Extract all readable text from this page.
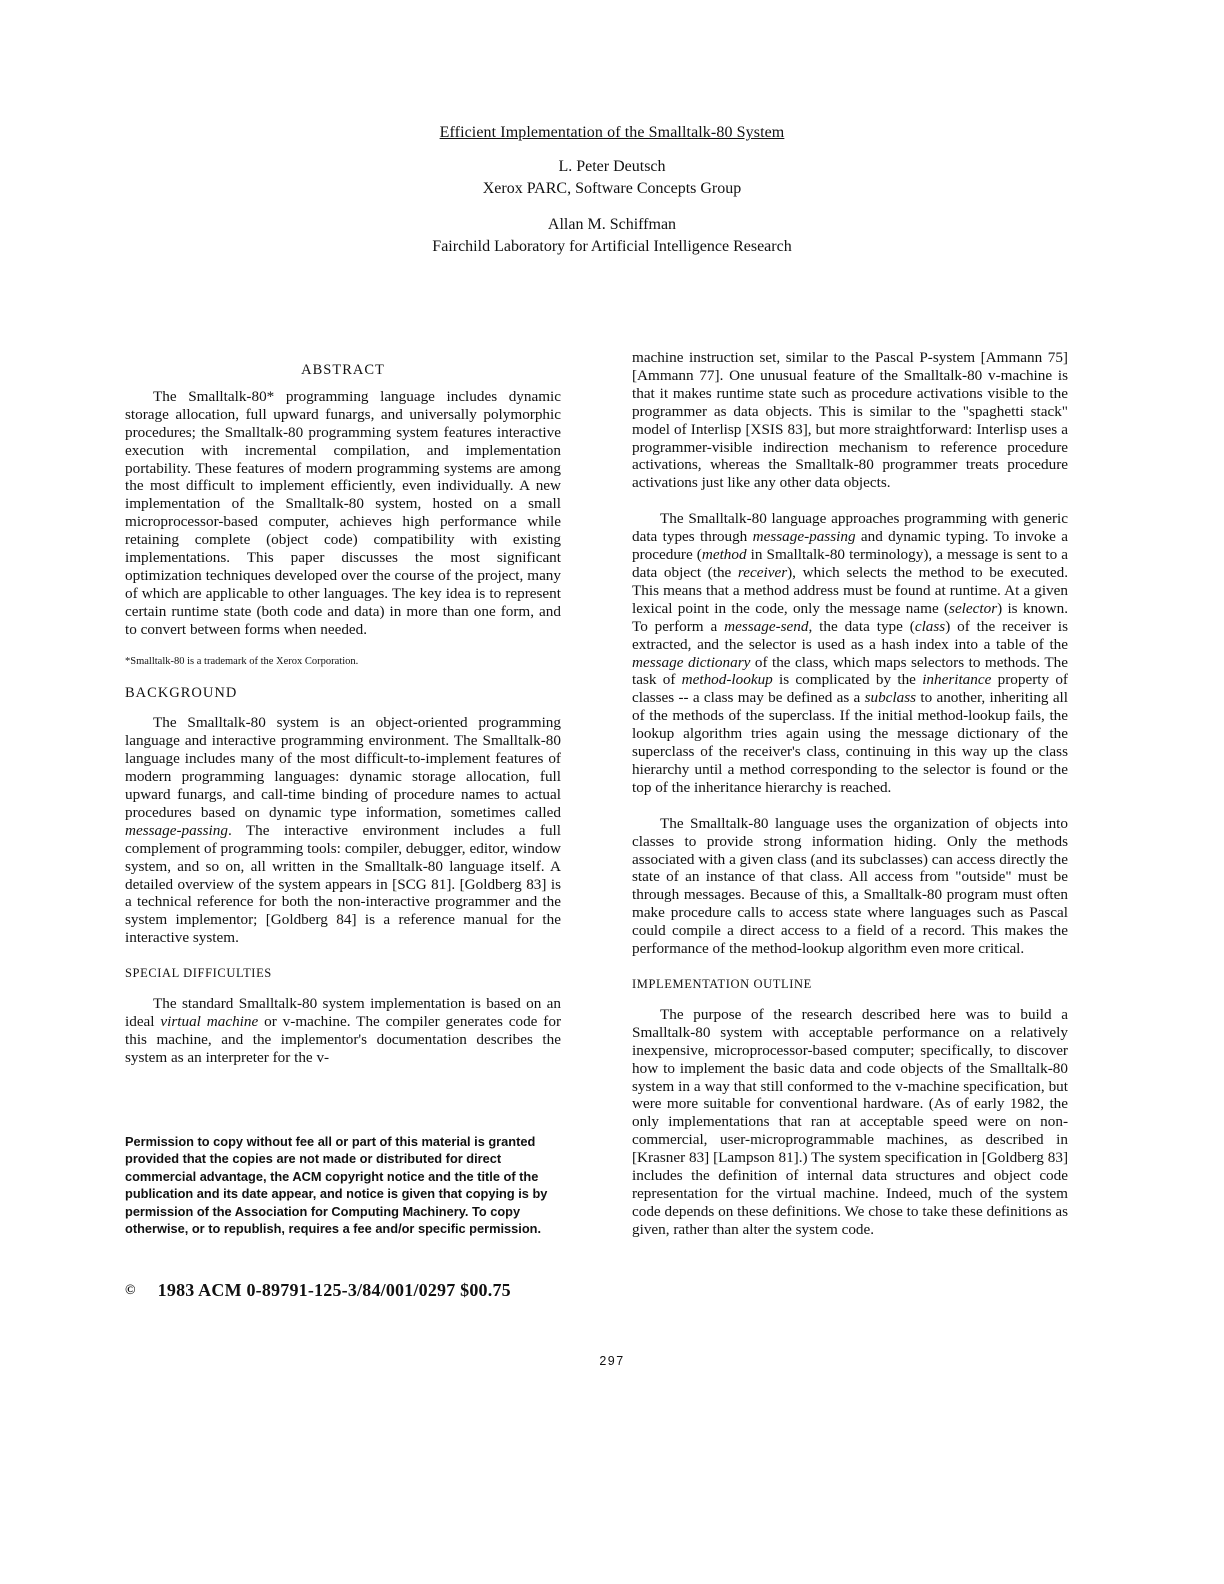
Efficient Implementation of the Smalltalk-80 System
L. Peter Deutsch
Xerox PARC, Software Concepts Group
Allan M. Schiffman
Fairchild Laboratory for Artificial Intelligence Research
ABSTRACT

The Smalltalk-80* programming language includes dynamic storage allocation, full upward funargs, and universally polymorphic procedures; the Smalltalk-80 programming system features interactive execution with incremental compilation, and implementation portability. These features of modern programming systems are among the most difficult to implement efficiently, even individually. A new implementation of the Smalltalk-80 system, hosted on a small microprocessor-based computer, achieves high performance while retaining complete (object code) compatibility with existing implementations. This paper discusses the most significant optimization techniques developed over the course of the project, many of which are applicable to other languages. The key idea is to represent certain runtime state (both code and data) in more than one form, and to convert between forms when needed.

*Smalltalk-80 is a trademark of the Xerox Corporation.
BACKGROUND

The Smalltalk-80 system is an object-oriented programming language and interactive programming environment. The Smalltalk-80 language includes many of the most difficult-to-implement features of modern programming languages: dynamic storage allocation, full upward funargs, and call-time binding of procedure names to actual procedures based on dynamic type information, sometimes called message-passing. The interactive environment includes a full complement of programming tools: compiler, debugger, editor, window system, and so on, all written in the Smalltalk-80 language itself. A detailed overview of the system appears in [SCG 81]. [Goldberg 83] is a technical reference for both the non-interactive programmer and the system implementor; [Goldberg 84] is a reference manual for the interactive system.

SPECIAL DIFFICULTIES

The standard Smalltalk-80 system implementation is based on an ideal virtual machine or v-machine. The compiler generates code for this machine, and the implementor's documentation describes the system as an interpreter for the v-

Permission to copy without fee all or part of this material is granted provided that the copies are not made or distributed for direct commercial advantage, the ACM copyright notice and the title of the publication and its date appear, and notice is given that copying is by permission of the Association for Computing Machinery. To copy otherwise, or to republish, requires a fee and/or specific permission.
© 1983 ACM 0-89791-125-3/84/001/0297 $00.75

machine instruction set, similar to the Pascal P-system [Ammann 75] [Ammann 77]. One unusual feature of the Smalltalk-80 v-machine is that it makes runtime state such as procedure activations visible to the programmer as data objects. This is similar to the "spaghetti stack" model of Interlisp [XSIS 83], but more straightforward: Interlisp uses a programmer-visible indirection mechanism to reference procedure activations, whereas the Smalltalk-80 programmer treats procedure activations just like any other data objects.

The Smalltalk-80 language approaches programming with generic data types through message-passing and dynamic typing. To invoke a procedure (method in Smalltalk-80 terminology), a message is sent to a data object (the receiver), which selects the method to be executed. This means that a method address must be found at runtime. At a given lexical point in the code, only the message name (selector) is known. To perform a message-send, the data type (class) of the receiver is extracted, and the selector is used as a hash index into a table of the message dictionary of the class, which maps selectors to methods. The task of method-lookup is complicated by the inheritance property of classes -- a class may be defined as a subclass to another, inheriting all of the methods of the superclass. If the initial method-lookup fails, the lookup algorithm tries again using the message dictionary of the superclass of the receiver's class, continuing in this way up the class hierarchy until a method corresponding to the selector is found or the top of the inheritance hierarchy is reached.

The Smalltalk-80 language uses the organization of objects into classes to provide strong information hiding. Only the methods associated with a given class (and its subclasses) can access directly the state of an instance of that class. All access from "outside" must be through messages. Because of this, a Smalltalk-80 program must often make procedure calls to access state where languages such as Pascal could compile a direct access to a field of a record. This makes the performance of the method-lookup algorithm even more critical.

IMPLEMENTATION OUTLINE

The purpose of the research described here was to build a Smalltalk-80 system with acceptable performance on a relatively inexpensive, microprocessor-based computer; specifically, to discover how to implement the basic data and code objects of the Smalltalk-80 system in a way that still conformed to the v-machine specification, but were more suitable for conventional hardware. (As of early 1982, the only implementations that ran at acceptable speed were on non-commercial, user-microprogrammable machines, as described in [Krasner 83] [Lampson 81].) The system specification in [Goldberg 83] includes the definition of internal data structures and object code representation for the virtual machine. Indeed, much of the system code depends on these definitions. We chose to take these definitions as given, rather than alter the system code.

297
